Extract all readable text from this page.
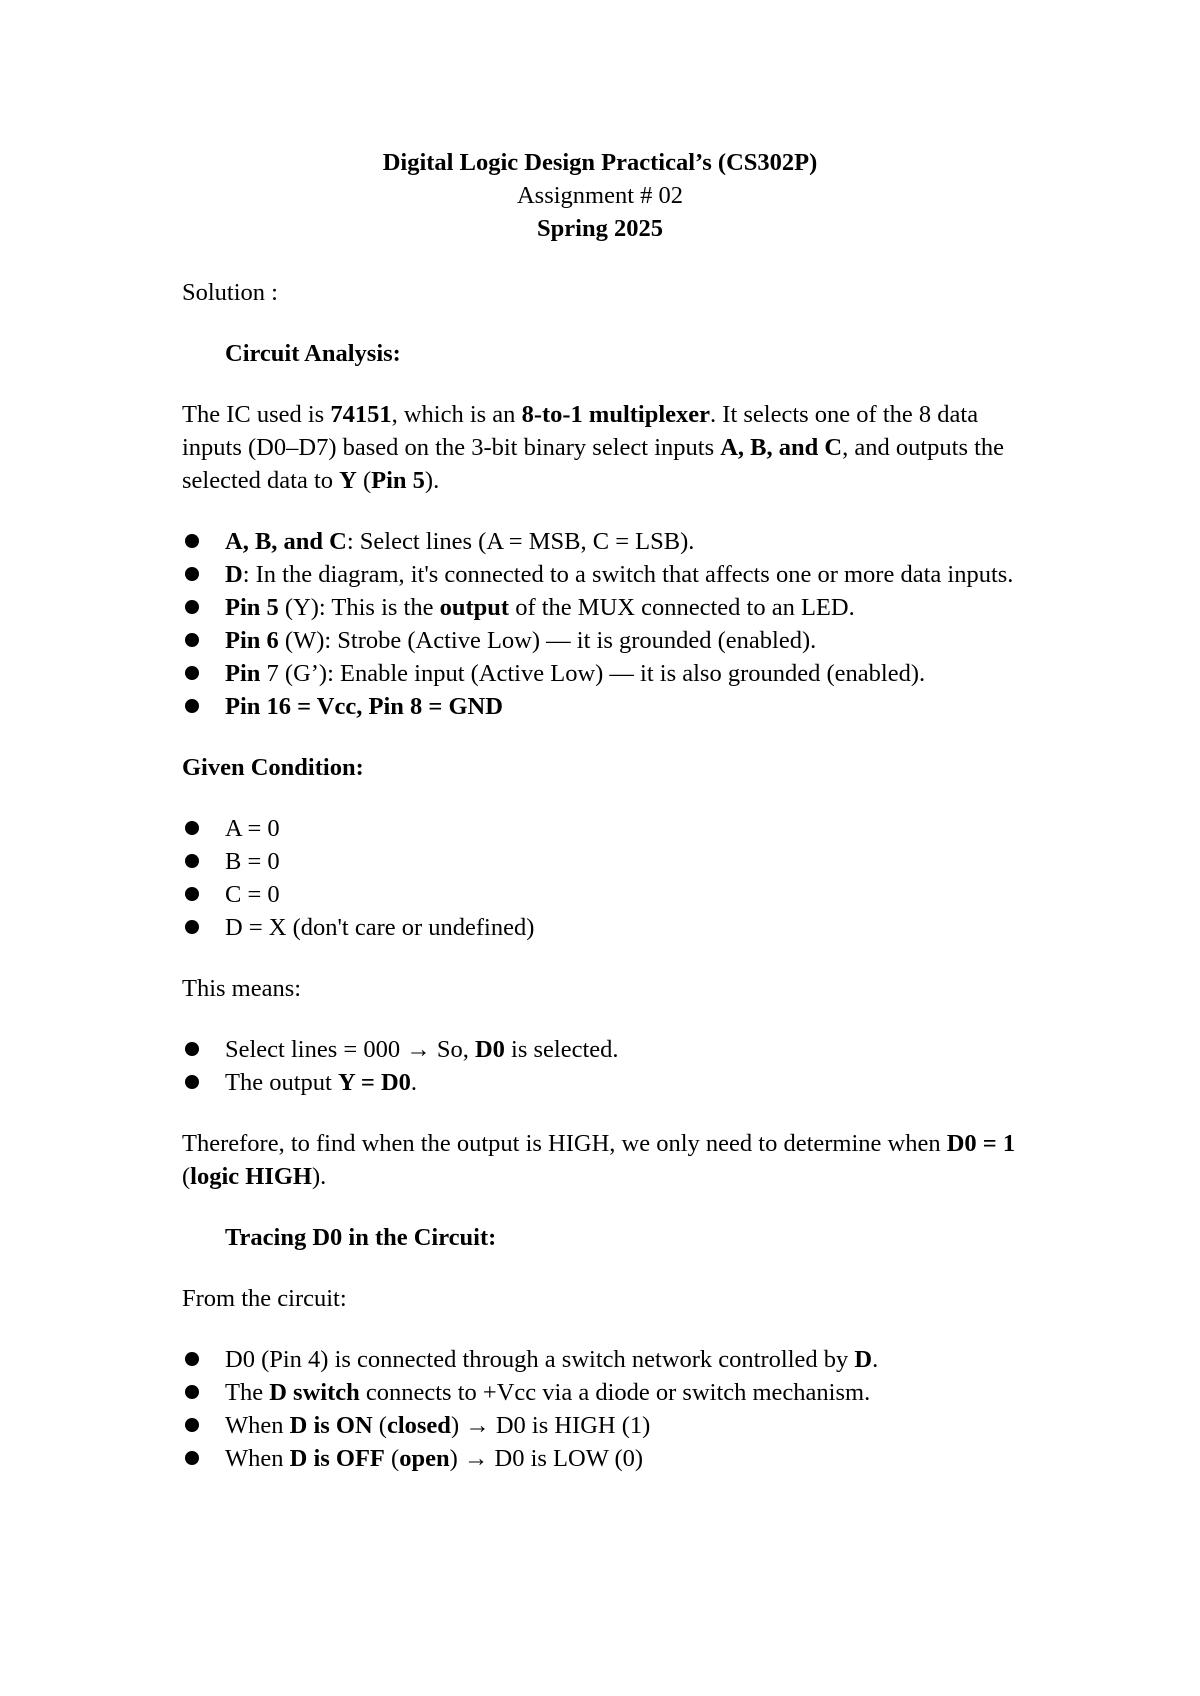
Digital Logic Design Practical’s (CS302P)
Assignment # 02
Spring 2025

Solution :

Circuit Analysis:

The IC used is 74151, which is an 8-to-1 multiplexer. It selects one of the 8 data inputs (D0–D7) based on the 3-bit binary select inputs A, B, and C, and outputs the selected data to Y (Pin 5).

A, B, and C: Select lines (A = MSB, C = LSB).
D: In the diagram, it's connected to a switch that affects one or more data inputs.
Pin 5 (Y): This is the output of the MUX connected to an LED.
Pin 6 (W): Strobe (Active Low) — it is grounded (enabled).
Pin 7 (G’): Enable input (Active Low) — it is also grounded (enabled).
Pin 16 = Vcc, Pin 8 = GND

Given Condition:

A = 0
B = 0
C = 0
D = X (don't care or undefined)

This means:

Select lines = 000 → So, D0 is selected.
The output Y = D0.

Therefore, to find when the output is HIGH, we only need to determine when D0 = 1 (logic HIGH).

Tracing D0 in the Circuit:

From the circuit:

D0 (Pin 4) is connected through a switch network controlled by D.
The D switch connects to +Vcc via a diode or switch mechanism.
When D is ON (closed) → D0 is HIGH (1)
When D is OFF (open) → D0 is LOW (0)
